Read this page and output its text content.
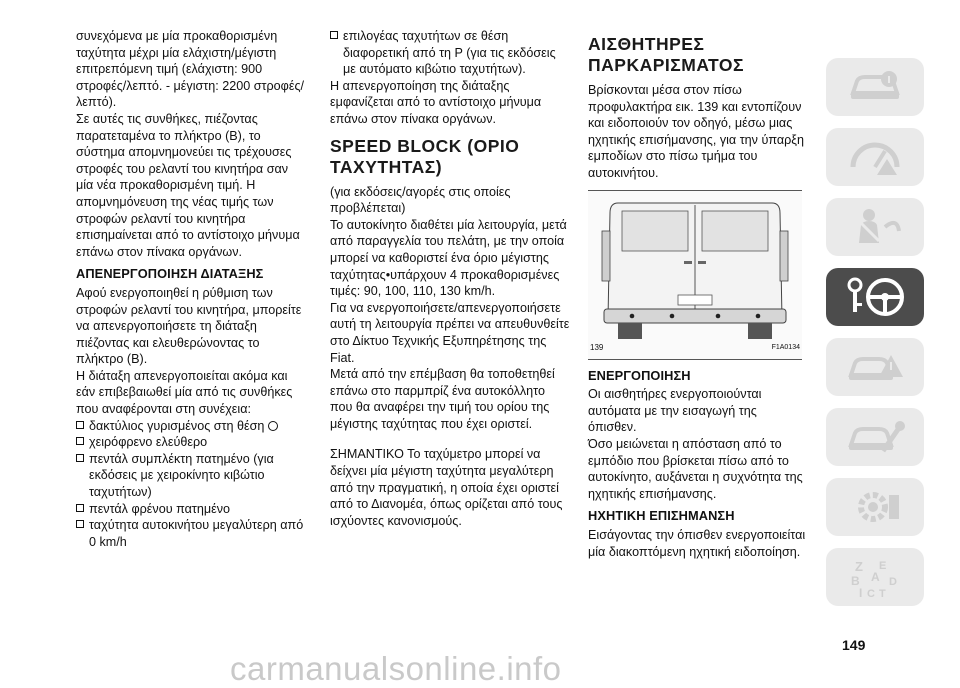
συνεχόμενα με μία προκαθορισμένη ταχύτητα μέχρι μία ελάχιστη/μέγιστη επιτρεπόμενη τιμή (ελάχιστη: 900 στροφές/λεπτό. - μέγιστη: 2200 στροφές/λεπτό).

Σε αυτές τις συνθήκες, πιέζοντας παρατεταμένα το πλήκτρο (B), το σύστημα απομνημονεύει τις τρέχουσες στροφές του ρελαντί του κινητήρα σαν μία νέα προκαθορισμένη τιμή. Η απομνημόνευση της νέας τιμής των στροφών ρελαντί του κινητήρα επισημαίνεται από το αντίστοιχο μήνυμα επάνω στον πίνακα οργάνων.

ΑΠΕΝΕΡΓΟΠΟΙΗΣΗ ΔΙΑΤΑΞΗΣ

Αφού ενεργοποιηθεί η ρύθμιση των στροφών ρελαντί του κινητήρα, μπορείτε να απενεργοποιήσετε τη διάταξη πιέζοντας και ελευθερώνοντας το πλήκτρο (B).

Η διάταξη απενεργοποιείται ακόμα και εάν επιβεβαιωθεί μία από τις συνθήκες που αναφέρονται στη συνέχεια:

δακτύλιος γυρισμένος στη θέση
χειρόφρενο ελεύθερο
πεντάλ συμπλέκτη πατημένο (για εκδόσεις με χειροκίνητο κιβώτιο ταχυτήτων)
πεντάλ φρένου πατημένο
ταχύτητα αυτοκινήτου μεγαλύτερη από 0 km/h
επιλογέας ταχυτήτων σε θέση διαφορετική από τη P (για τις εκδόσεις με αυτόματο κιβώτιο ταχυτήτων).

Η απενεργοποίηση της διάταξης εμφανίζεται από το αντίστοιχο μήνυμα επάνω στον πίνακα οργάνων.

SPEED BLOCK (ΟΡΙΟ ΤΑΧΥΤΗΤΑΣ)

(για εκδόσεις/αγορές στις οποίες προβλέπεται)

Το αυτοκίνητο διαθέτει μία λειτουργία, μετά από παραγγελία του πελάτη, με την οποία μπορεί να καθοριστεί ένα όριο μέγιστης ταχύτητας•υπάρχουν 4 προκαθορισμένες τιμές: 90, 100, 110, 130 km/h.

Για να ενεργοποιήσετε/απενεργοποιήσετε αυτή τη λειτουργία πρέπει να απευθυνθείτε στο Δίκτυο Τεχνικής Εξυπηρέτησης της Fiat.

Μετά από την επέμβαση θα τοποθετηθεί επάνω στο παρμπρίζ ένα αυτοκόλλητο που θα αναφέρει την τιμή του ορίου της μέγιστης ταχύτητας που έχει οριστεί.

ΣΗΜΑΝΤΙΚΟ Το ταχύμετρο μπορεί να δείχνει μία μέγιστη ταχύτητα μεγαλύτερη από την πραγματική, η οποία έχει οριστεί από το Διανομέα, όπως ορίζεται από τους ισχύοντες κανονισμούς.

ΑΙΣΘΗΤΗΡΕΣ ΠΑΡΚΑΡΙΣΜΑΤΟΣ

Βρίσκονται μέσα στον πίσω προφυλακτήρα εικ. 139 και εντοπίζουν και ειδοποιούν τον οδηγό, μέσω μιας ηχητικής επισήμανσης, για την ύπαρξη εμποδίων στο πίσω τμήμα του αυτοκινήτου.

139	F1A0134
ΕΝΕΡΓΟΠΟΙΗΣΗ

Οι αισθητήρες ενεργοποιούνται αυτόματα με την εισαγωγή της όπισθεν.

Όσο μειώνεται η απόσταση από το εμπόδιο που βρίσκεται πίσω από το αυτοκίνητο, αυξάνεται η συχνότητα της ηχητικής επισήμανσης.

ΗΧΗΤΙΚΗ ΕΠΙΣΗΜΑΝΣΗ

Εισάγοντας την όπισθεν ενεργοποιείται μία διακοπτόμενη ηχητική ειδοποίηση.

Z E
B A D
I C T
149
carmanualsonline.info
